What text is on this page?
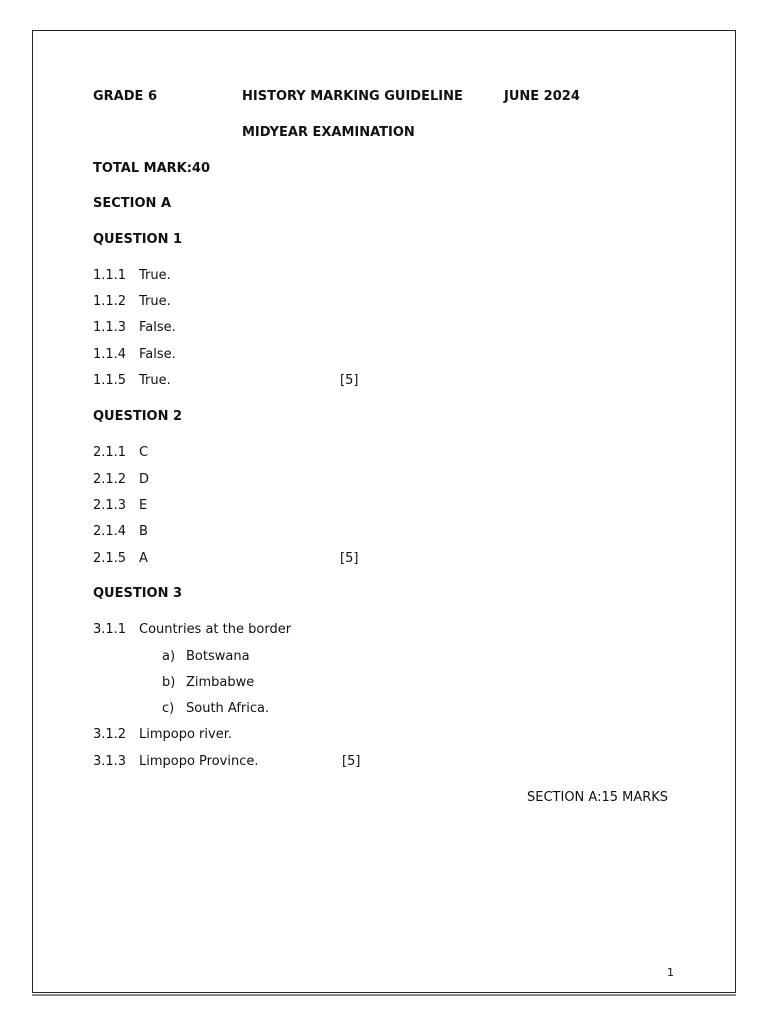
GRADE 6	HISTORY MARKING GUIDELINE	JUNE 2024
MIDYEAR EXAMINATION
TOTAL MARK:40
SECTION A
QUESTION 1
1.1.1 True.
1.1.2 True.
1.1.3 False.
1.1.4 False.
1.1.5 True.	[5]
QUESTION 2
2.1.1 C
2.1.2 D
2.1.3 E
2.1.4 B
2.1.5 A	[5]
QUESTION 3
3.1.1 Countries at the border
a) Botswana
b) Zimbabwe
c) South Africa.
3.1.2 Limpopo river.
3.1.3 Limpopo Province.	[5]
SECTION A:15 MARKS
1
